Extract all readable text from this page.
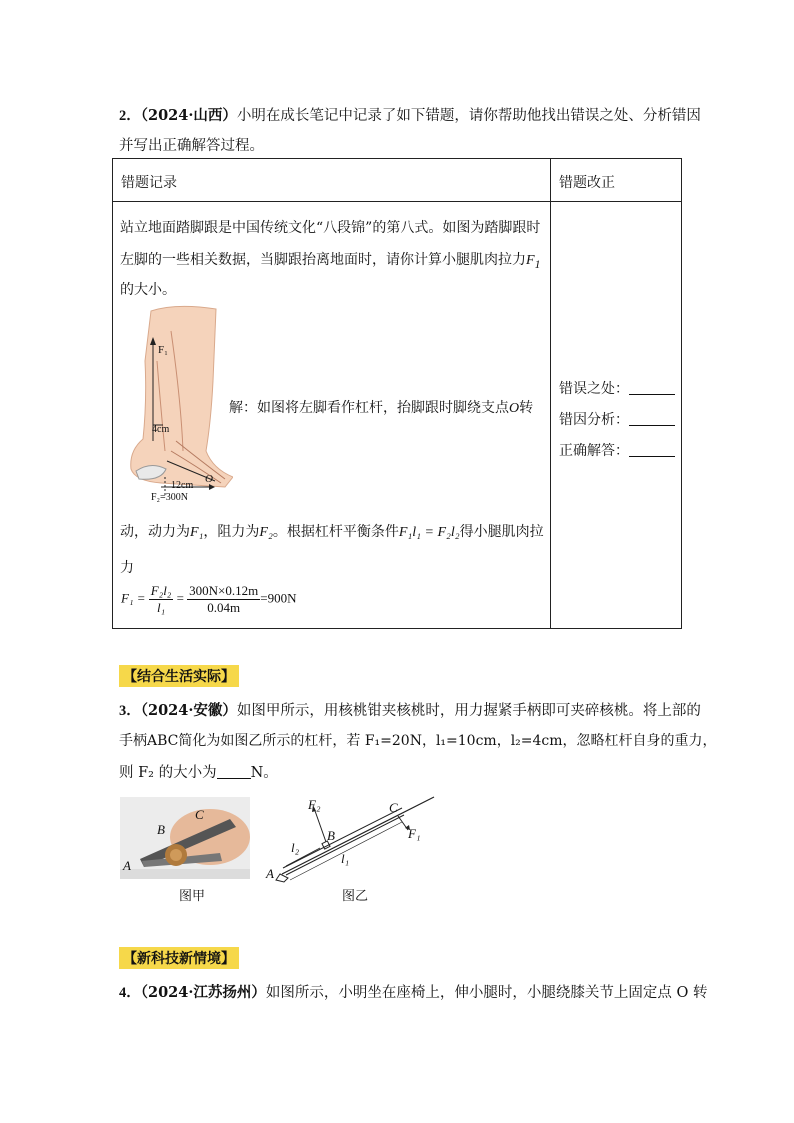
2．（2024·山西）小明在成长笔记中记录了如下错题，请你帮助他找出错误之处、分析错因
并写出正确解答过程。
错题记录	错题改正
站立地面踏脚跟是中国传统文化“八段锦”的第八式。如图为踏脚跟时
左脚的一些相关数据，当脚跟抬离地面时，请你计算小腿肌肉拉力$F_1$
的大小。
F₁
4cm
O
12cm
F₂=300N
解：如图将左脚看作杠杆，抬脚跟时脚绕支点O转
动，动力为F₁，阻力为F₂。根据杠杆平衡条件F₁l₁ = F₂l₂得小腿肌肉拉
力
$F_1 = \frac{\text{F₂l₂}}{\text{l₁}} = \frac{300N\times 0.12m}{0.04m} =900N$
错误之处：
错因分析：
正确解答：
【结合生活实际】
3．（2024·安徽）如图甲所示，用核桃钳夹核桃时，用力握紧手柄即可夹碎核桃。将上部的
手柄ABC简化为如图乙所示的杠杆，若 F₁=20N，l₁=10cm，l₂=4cm，忽略杠杆自身的重力，
则 F₂ 的大小为 N。
C
B
A
图甲
F₂	C
F₁
B
l₂
l₁
A
图乙
【新科技新情境】
4．（2024·江苏扬州）如图所示，小明坐在座椅上，伸小腿时，小腿绕膝关节上固定点 O 转
